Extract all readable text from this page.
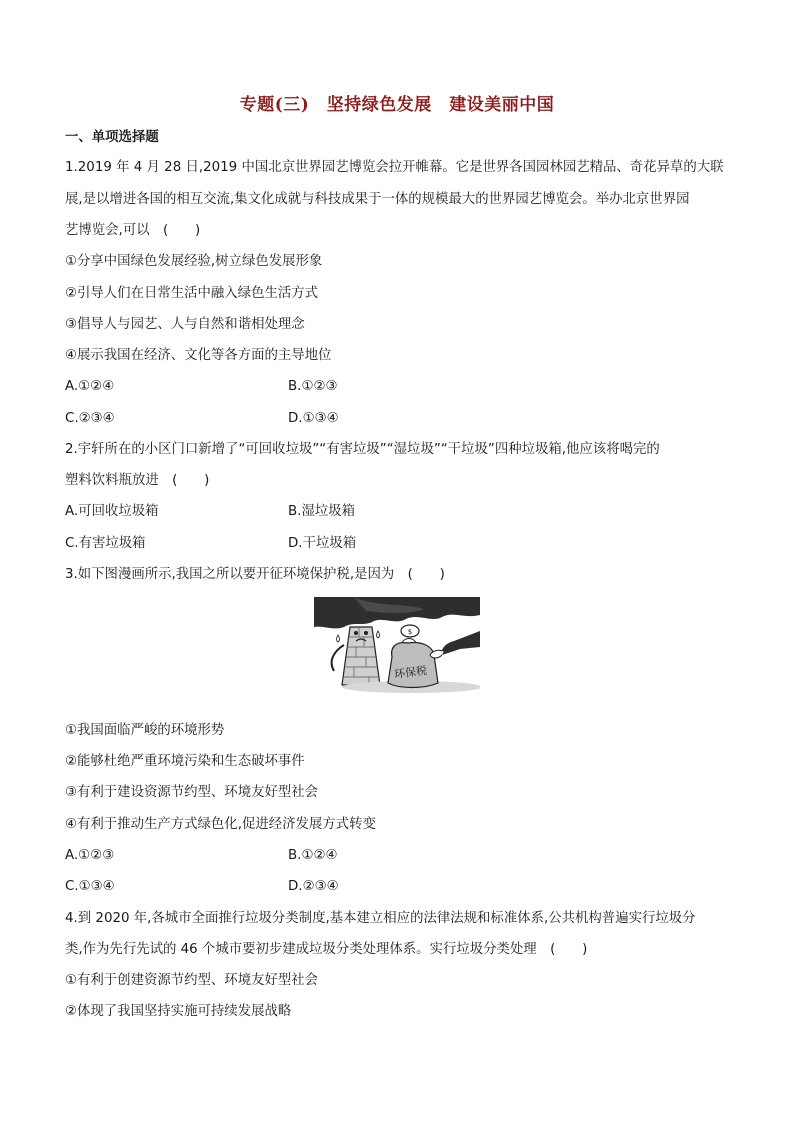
专题(三)　坚持绿色发展　建设美丽中国
一、单项选择题
1.2019 年 4 月 28 日,2019 中国北京世界园艺博览会拉开帷幕。它是世界各国园林园艺精品、奇花异草的大联
展,是以增进各国的相互交流,集文化成就与科技成果于一体的规模最大的世界园艺博览会。举办北京世界园
艺博览会,可以　(　　)
①分享中国绿色发展经验,树立绿色发展形象
②引导人们在日常生活中融入绿色生活方式
③倡导人与园艺、人与自然和谐相处理念
④展示我国在经济、文化等各方面的主导地位
A.①②④	B.①②③
C.②③④	D.①③④
2.宇轩所在的小区门口新增了“可回收垃圾”“有害垃圾”“湿垃圾”“干垃圾”四种垃圾箱,他应该将喝完的
塑料饮料瓶放进　(　　)
A.可回收垃圾箱	B.湿垃圾箱
C.有害垃圾箱	D.干垃圾箱
3.如下图漫画所示,我国之所以要开征环境保护税,是因为　(　　)
$
环保税
①我国面临严峻的环境形势
②能够杜绝严重环境污染和生态破坏事件
③有利于建设资源节约型、环境友好型社会
④有利于推动生产方式绿色化,促进经济发展方式转变
A.①②③	B.①②④
C.①③④	D.②③④
4.到 2020 年,各城市全面推行垃圾分类制度,基本建立相应的法律法规和标准体系,公共机构普遍实行垃圾分
类,作为先行先试的 46 个城市要初步建成垃圾分类处理体系。实行垃圾分类处理　(　　)
①有利于创建资源节约型、环境友好型社会
②体现了我国坚持实施可持续发展战略
